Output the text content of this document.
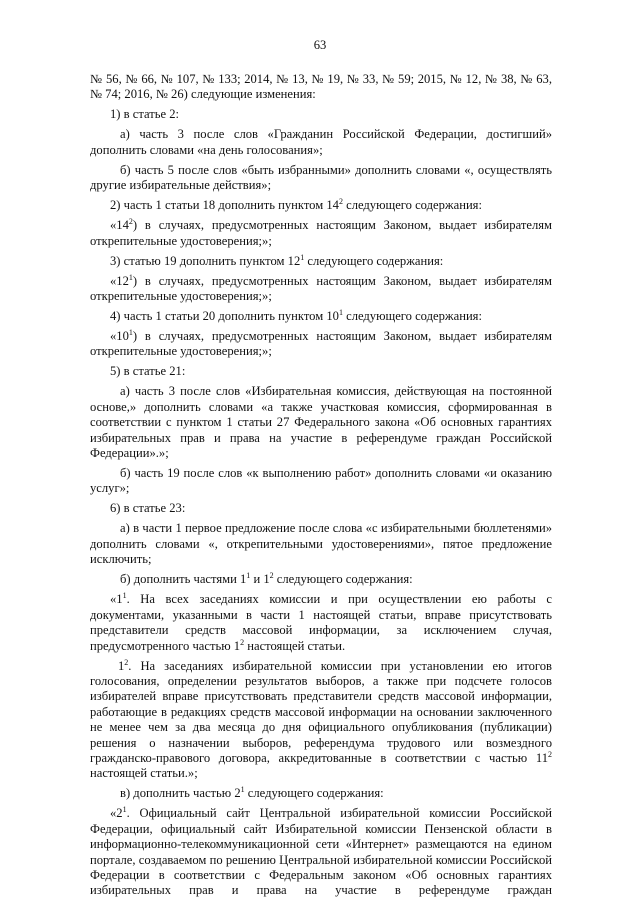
63

№ 56, № 66, № 107, № 133; 2014, № 13, № 19, № 33, № 59; 2015, № 12, № 38, № 63, № 74; 2016, № 26) следующие изменения:

1) в статье 2:

а) часть 3 после слов «Гражданин Российской Федерации, достигший» дополнить словами «на день голосования»;

б) часть 5 после слов «быть избранными» дополнить словами «, осуществлять другие избирательные действия»;

2) часть 1 статьи 18 дополнить пунктом $14^2$ следующего содержания:

«$14^2$) в случаях, предусмотренных настоящим Законом, выдает избирателям открепительные удостоверения;»;

3) статью 19 дополнить пунктом $12^1$ следующего содержания:

«$12^1$) в случаях, предусмотренных настоящим Законом, выдает избирателям открепительные удостоверения;»;

4) часть 1 статьи 20 дополнить пунктом $10^1$ следующего содержания:

«$10^1$) в случаях, предусмотренных настоящим Законом, выдает избирателям открепительные удостоверения;»;

5) в статье 21:

а) часть 3 после слов «Избирательная комиссия, действующая на постоянной основе,» дополнить словами «а также участковая комиссия, сформированная в соответствии с пунктом 1 статьи 27 Федерального закона «Об основных гарантиях избирательных прав и права на участие в референдуме граждан Российской Федерации».»;

б) часть 19 после слов «к выполнению работ» дополнить словами «и оказанию услуг»;

6) в статье 23:

а) в части 1 первое предложение после слова «с избирательными бюллетенями» дополнить словами «, открепительными удостоверениями», пятое предложение исключить;

б) дополнить частями $1^1$ и $1^2$ следующего содержания:

«$1^1$. На всех заседаниях комиссии и при осуществлении ею работы с документами, указанными в части 1 настоящей статьи, вправе присутствовать представители средств массовой информации, за исключением случая, предусмотренного частью $1^2$ настоящей статьи.

$1^2$. На заседаниях избирательной комиссии при установлении ею итогов голосования, определении результатов выборов, а также при подсчете голосов избирателей вправе присутствовать представители средств массовой информации, работающие в редакциях средств массовой информации на основании заключенного не менее чем за два месяца до дня официального опубликования (публикации) решения о назначении выборов, референдума трудового или возмездного гражданско-правового договора, аккредитованные в соответствии с частью $11^2$ настоящей статьи.»;

в) дополнить частью $2^1$ следующего содержания:

«$2^1$. Официальный сайт Центральной избирательной комиссии Российской Федерации, официальный сайт Избирательной комиссии Пензенской области в информационно-телекоммуникационной сети «Интернет» размещаются на едином портале, создаваемом по решению Центральной избирательной комиссии Российской Федерации в соответствии с Федеральным законом «Об основных гарантиях избирательных прав и права на участие в референдуме граждан
